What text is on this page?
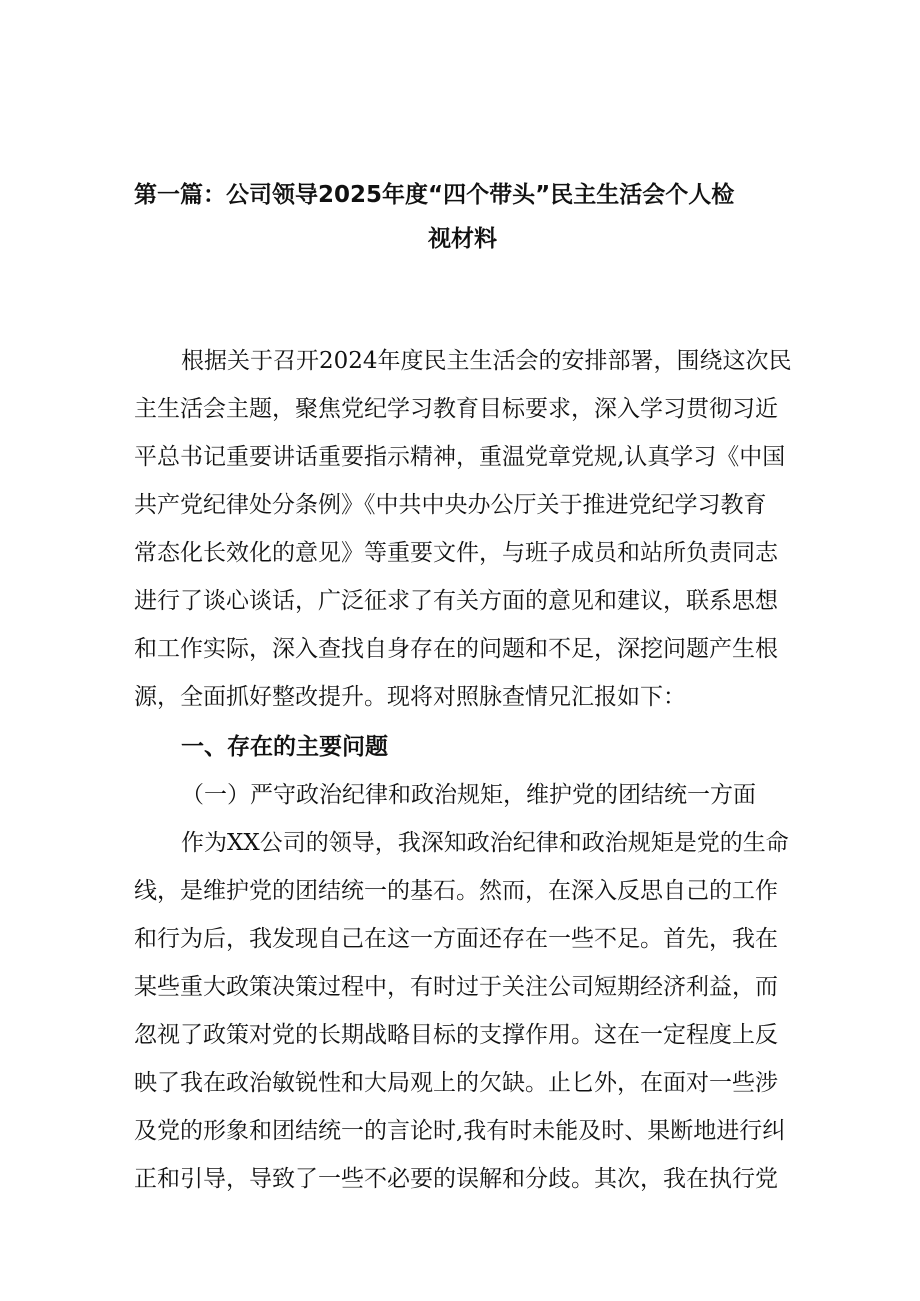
第一篇：公司领导2025年度“四个带头”民主生活会个人检
视材料
根据关于召开2024年度民主生活会的安排部署，围绕这次民
主生活会主题，聚焦党纪学习教育目标要求，深入学习贯彻习近
平总书记重要讲话重要指示精神，重温党章党规,认真学习《中国
共产党纪律处分条例》《中共中央办公厅关于推进党纪学习教育
常态化长效化的意见》等重要文件，与班子成员和站所负责同志
进行了谈心谈话，广泛征求了有关方面的意见和建议，联系思想
和工作实际，深入查找自身存在的问题和不足，深挖问题产生根
源，全面抓好整改提升。现将对照脉查情兄汇报如下：
一、存在的主要问题
（一）严守政治纪律和政治规矩，维护党的团结统一方面
作为XX公司的领导，我深知政治纪律和政治规矩是党的生命
线，是维护党的团结统一的基石。然而，在深入反思自己的工作
和行为后，我发现自己在这一方面还存在一些不足。首先，我在
某些重大政策决策过程中，有时过于关注公司短期经济利益，而
忽视了政策对党的长期战略目标的支撑作用。这在一定程度上反
映了我在政治敏锐性和大局观上的欠缺。止匕外，在面对一些涉
及党的形象和团结统一的言论时,我有时未能及时、果断地进行纠
正和引导，导致了一些不必要的误解和分歧。其次，我在执行党
